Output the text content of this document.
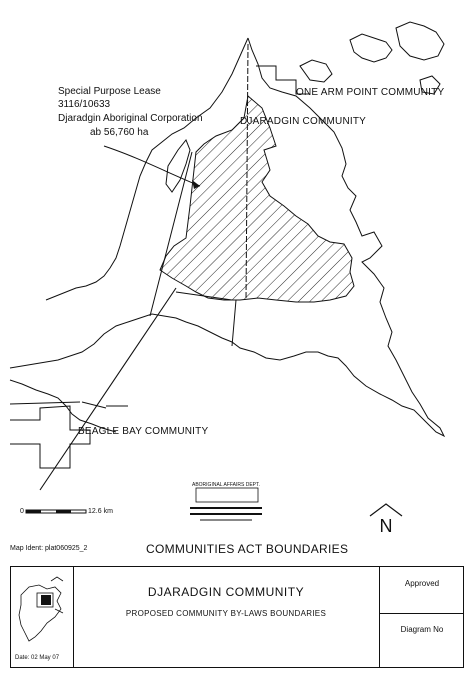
Special Purpose Lease
3116/10633
Djaradgin Aboriginal Corporation
ab 56,760 ha
ONE ARM POINT COMMUNITY
DJARADGIN COMMUNITY
BEAGLE BAY COMMUNITY
0	12.6 km
ABORIGINAL AFFAIRS DEPT.
N
Map Ident: plat060925_2	COMMUNITIES ACT BOUNDARIES
Date: 02 May 07
DJARADGIN COMMUNITY
PROPOSED COMMUNITY BY-LAWS BOUNDARIES
Approved
Diagram No
